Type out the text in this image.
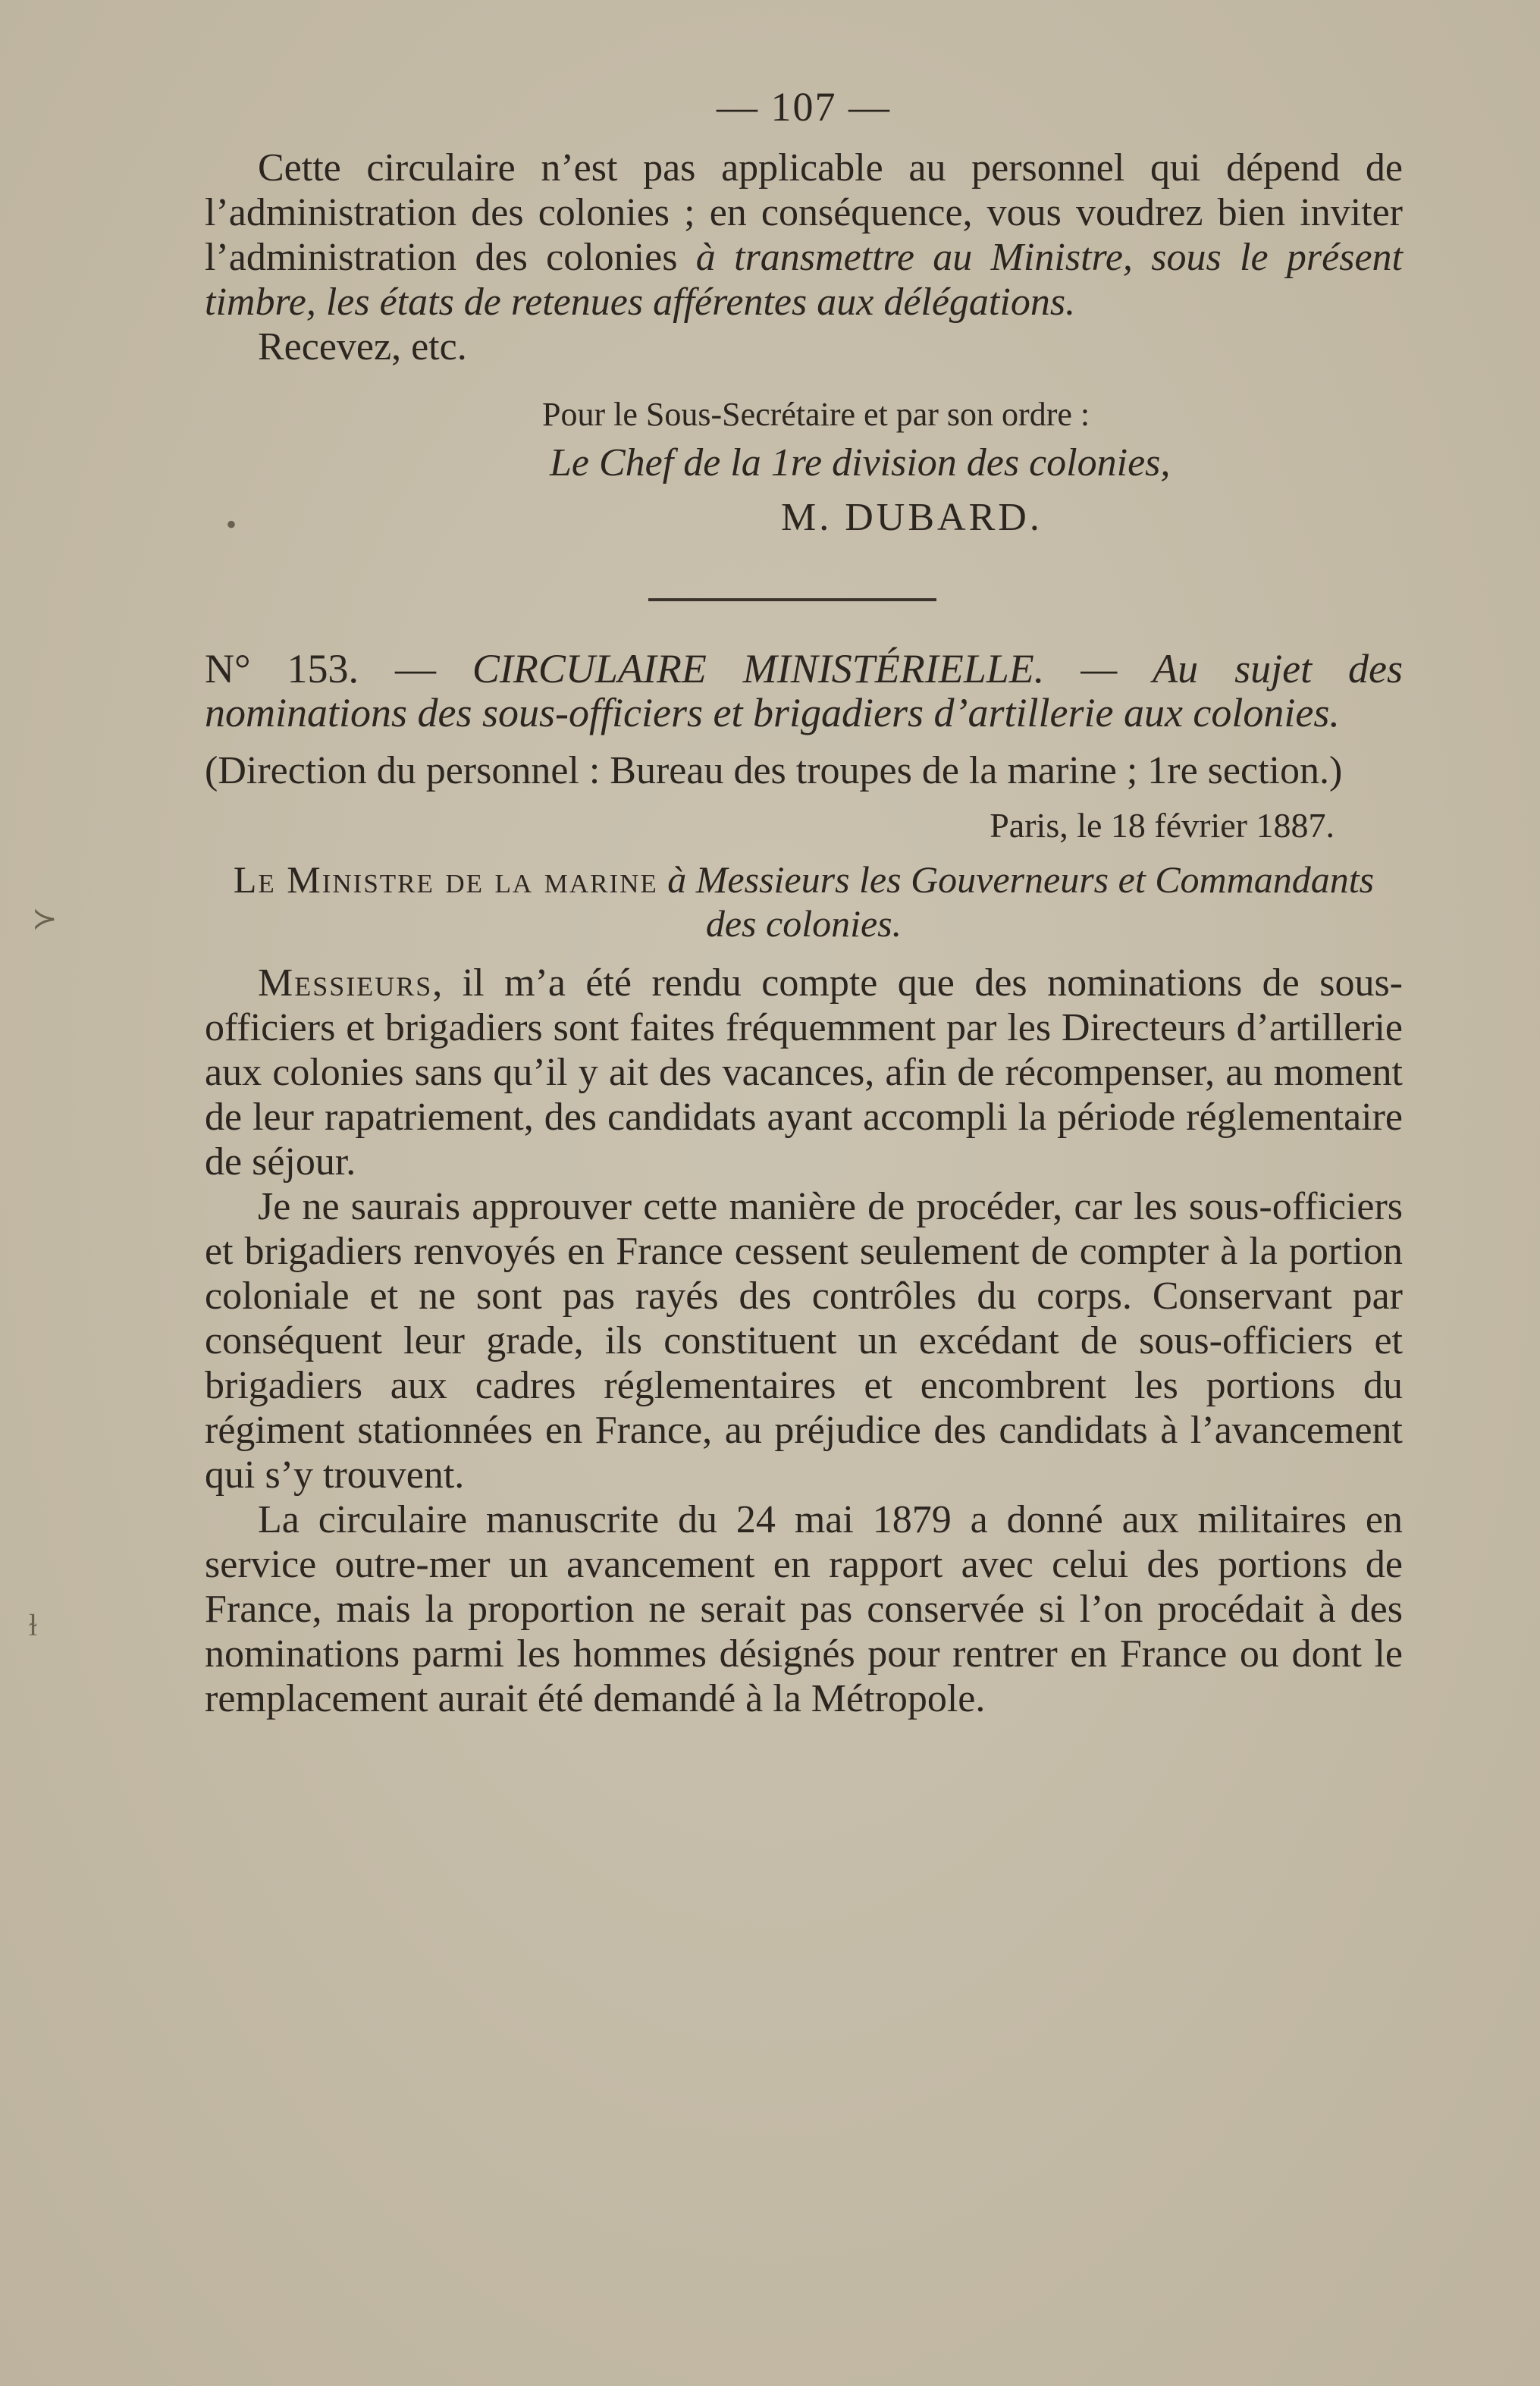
•
≻
ɫ
— 107 —

Cette circulaire n’est pas applicable au personnel qui dépend de l’administration des colonies ; en conséquence, vous voudrez bien inviter l’administration des colonies à transmettre au Ministre, sous le présent timbre, les états de retenues afférentes aux délégations.

Recevez, etc.

Pour le Sous-Secrétaire et par son ordre :
Le Chef de la 1re division des colonies,
M. DUBARD.

N° 153. — CIRCULAIRE MINISTÉRIELLE. — Au sujet des nominations des sous-officiers et brigadiers d’artillerie aux colonies.

(Direction du personnel : Bureau des troupes de la marine ; 1re section.)

Paris, le 18 février 1887.

Le Ministre de la marine à Messieurs les Gouverneurs et Commandants des colonies.

Messieurs, il m’a été rendu compte que des nominations de sous-officiers et brigadiers sont faites fréquemment par les Directeurs d’artillerie aux colonies sans qu’il y ait des vacances, afin de récompenser, au moment de leur rapatriement, des candidats ayant accompli la période réglementaire de séjour.

Je ne saurais approuver cette manière de procéder, car les sous-officiers et brigadiers renvoyés en France cessent seulement de compter à la portion coloniale et ne sont pas rayés des contrôles du corps. Conservant par conséquent leur grade, ils constituent un excédant de sous-officiers et brigadiers aux cadres réglementaires et encombrent les portions du régiment stationnées en France, au préjudice des candidats à l’avancement qui s’y trouvent.

La circulaire manuscrite du 24 mai 1879 a donné aux militaires en service outre-mer un avancement en rapport avec celui des portions de France, mais la proportion ne serait pas conservée si l’on procédait à des nominations parmi les hommes désignés pour rentrer en France ou dont le remplacement aurait été demandé à la Métropole.
